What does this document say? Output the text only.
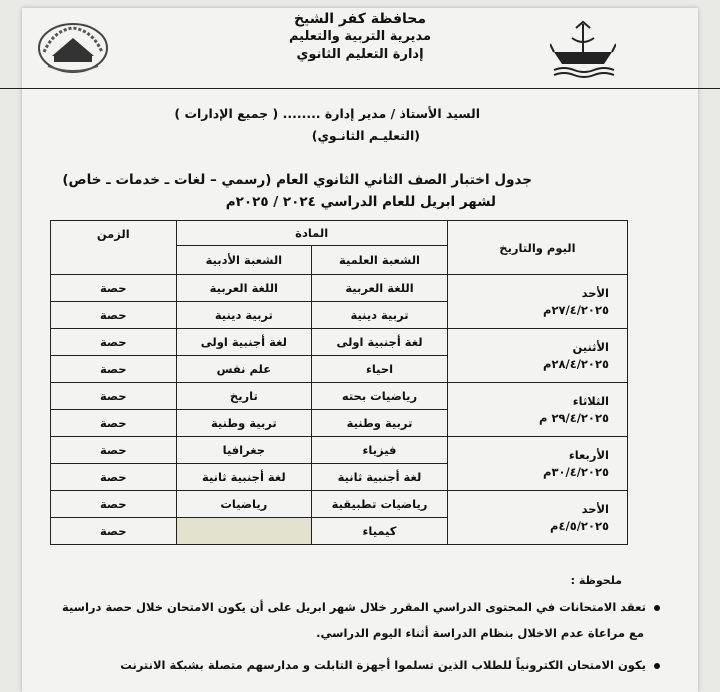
محافظة كفر الشيخ
مديرية التربية والتعليم
إدارة التعليم الثانوي
السيد الأستاذ / مدير إدارة ........ ( جميع الإدارات )
(التعليـم الثانـوي)
جدول اختبار الصف الثاني الثانوي العام (رسمي – لغات ـ خدمات ـ خاص)
لشهر ابريل للعام الدراسي ٢٠٢٤ / ٢٠٢٥م
اليوم والتاريخ	المادة		الزمن
	الشعبة العلمية	الشعبة الأدبية	

الأحد
٢٧/٤/٢٠٢٥م	اللغة العربية	اللغة العربية	حصة
	تربية دينية	تربية دينية	حصة

الأثنين
٢٨/٤/٢٠٢٥م	لغة أجنبية اولى	لغة أجنبية اولى	حصة
	احياء	علم نفس	حصة

الثلاثاء
٢٩/٤/٢٠٢٥ م	رياضيات بحته	تاريخ	حصة
	تربية وطنية	تربية وطنية	حصة

الأربعاء
٣٠/٤/٢٠٢٥م	فيزياء	جغرافيا	حصة
	لغة أجنبية ثانية	لغة أجنبية ثانية	حصة

الأحد
٤/٥/٢٠٢٥م	رياضيات تطبيقية	رياضيات	حصة
	كيمياء		حصة
ملحوظة :
تعقد الامتحانات في المحتوى الدراسي المقرر خلال شهر ابريل على أن يكون الامتحان خلال حصة دراسية
مع مراعاة عدم الاخلال بنظام الدراسة أثناء اليوم الدراسي.
يكون الامتحان الكترونياً للطلاب الذين تسلموا أجهزة التابلت و مدارسهم متصلة بشبكة الانترنت
